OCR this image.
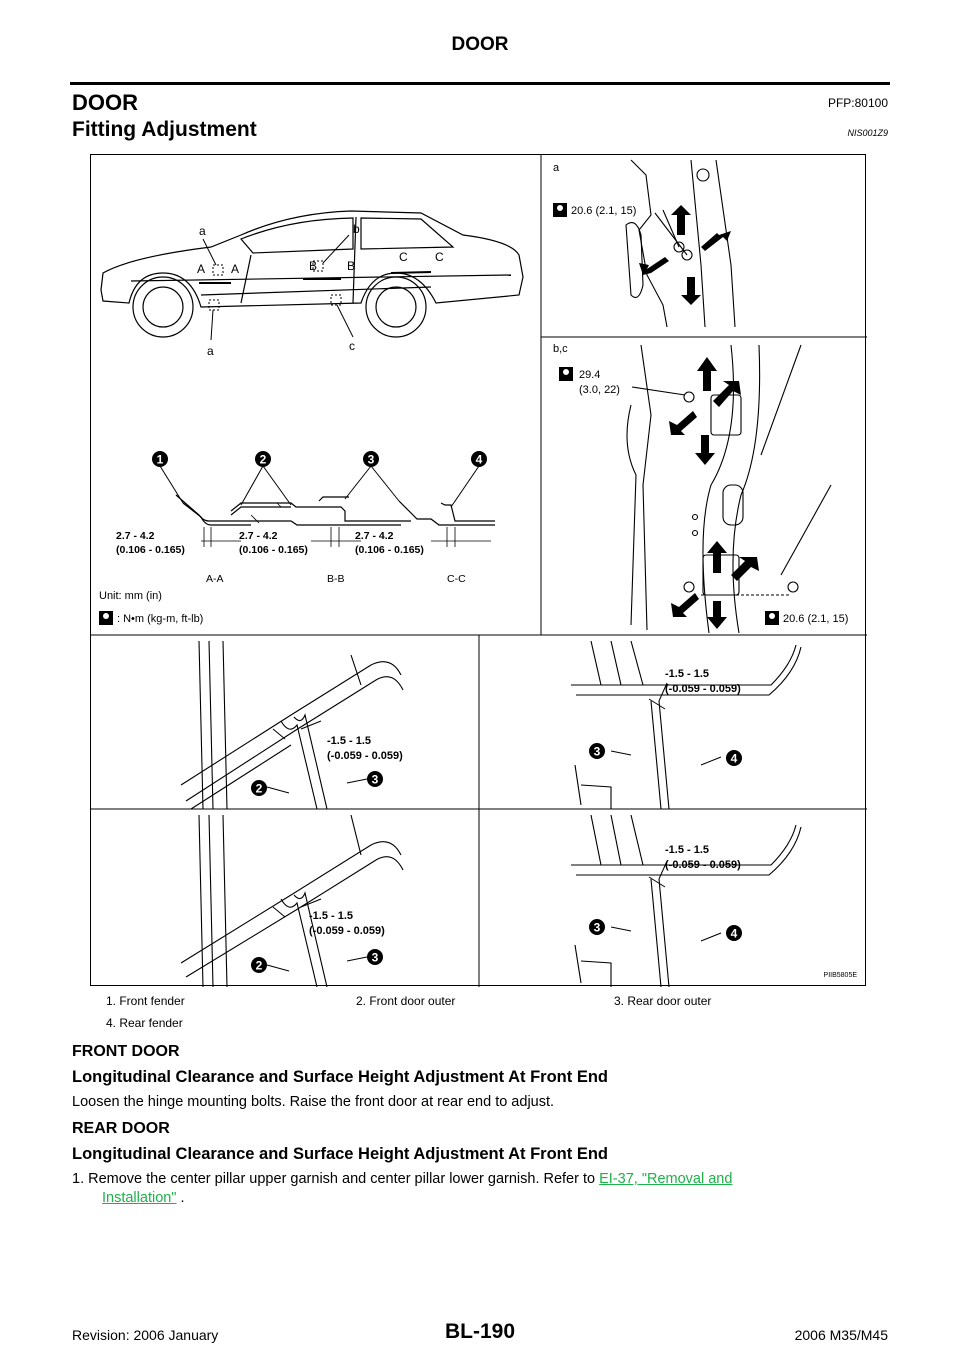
DOOR
DOOR	PFP:80100
Fitting Adjustment	NIS001Z9
a	b
a	c
A A	B B
C C
1	2	3	4
2.7 - 4.2
(0.106 - 0.165)
2.7 - 4.2
(0.106 - 0.165)
2.7 - 4.2
(0.106 - 0.165)
A-A	B-B	C-C
Unit: mm (in)
: N•m (kg-m, ft-lb)
a
20.6 (2.1, 15)
b,c
29.4
(3.0, 22)
20.6 (2.1, 15)
-1.5 - 1.5
(-0.059 - 0.059)
-1.5 - 1.5
(-0.059 - 0.059)
-1.5 - 1.5
(-0.059 - 0.059)
-1.5 - 1.5
(-0.059 - 0.059)
2
3
3	4
2
3
3	4
PIIB5805E
1. Front fender	2. Front door outer	3. Rear door outer
4. Rear fender
FRONT DOOR
Longitudinal Clearance and Surface Height Adjustment At Front End
Loosen the hinge mounting bolts. Raise the front door at rear end to adjust.
REAR DOOR
Longitudinal Clearance and Surface Height Adjustment At Front End
1. Remove the center pillar upper garnish and center pillar lower garnish. Refer to EI-37, "Removal and
Installation" .
Revision: 2006 January	BL-190	2006 M35/M45
